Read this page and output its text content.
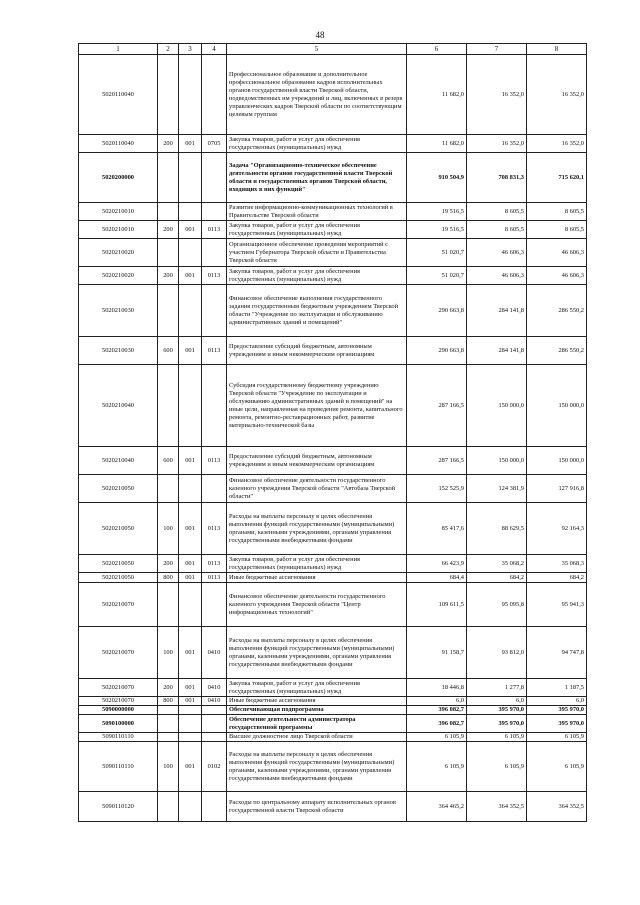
48
1	2	3	4	5	6	7	8
5020110040				Профессиональное образование и дополнительное профессиональное образование кадров исполнительных органов государственной власти Тверской области, подведомственных им учреждений и лиц, включенных в резерв управленческих кадров Тверской области по соответствующим целевым группам	11 682,0	16 352,0	16 352,0
5020110040	200	001	0705	Закупка товаров, работ и услуг для обеспечения государственных (муниципальных) нужд	11 682,0	16 352,0	16 352,0
5020200000				Задача "Организационно-техническое обеспечение деятельности органов государственной власти Тверской области и государственных органов Тверской области, входящих в них функций"	910 504,9	708 831,3	715 620,1
5020210010				Развитие информационно-коммуникационных технологий в Правительстве Тверской области	19 516,5	8 605,5	8 605,5
5020210010	200	001	0113	Закупка товаров, работ и услуг для обеспечения государственных (муниципальных) нужд	19 516,5	8 605,5	8 605,5
5020210020				Организационное обеспечение проведения мероприятий с участием Губернатора Тверской области и Правительства Тверской области	51 020,7	46 606,3	46 606,3
5020210020	200	001	0113	Закупка товаров, работ и услуг для обеспечения государственных (муниципальных) нужд	51 020,7	46 606,3	46 606,3
5020210030				Финансовое обеспечение выполнения государственного задания государственным бюджетным учреждением Тверской области "Учреждение по эксплуатации и обслуживанию административных зданий и помещений"	290 663,8	284 141,8	286 550,2
5020210030	600	001	0113	Предоставление субсидий бюджетным, автономным учреждениям и иным некоммерческим организациям	290 663,8	284 141,8	286 550,2
5020210040				Субсидия государственному бюджетному учреждению Тверской области "Учреждение по эксплуатации и обслуживанию административных зданий и помещений" на иные цели, направленная на проведение ремонта, капитального ремонта, ремонтно-реставрационных работ, развитие материально-технической базы	287 166,5	150 000,0	150 000,0
5020210040	600	001	0113	Предоставление субсидий бюджетным, автономным учреждениям и иным некоммерческим организациям	287 166,5	150 000,0	150 000,0
5020210050				Финансовое обеспечение деятельности государственного казенного учреждения Тверской области "Автобаза Тверской области"	152 525,9	124 381,9	127 916,8
5020210050	100	001	0113	Расходы на выплаты персоналу в целях обеспечения выполнения функций государственными (муниципальными) органами, казенными учреждениями, органами управления государственными внебюджетными фондами	85 417,6	88 629,5	92 164,3
5020210050	200	001	0113	Закупка товаров, работ и услуг для обеспечения государственных (муниципальных) нужд	66 423,9	35 068,2	35 068,3
5020210050	800	001	0113	Иные бюджетные ассигнования	684,4	684,2	684,2
5020210070				Финансовое обеспечение деятельности государственного казенного учреждения Тверской области "Центр информационных технологий"	109 611,5	95 095,8	95 941,3
5020210070	100	001	0410	Расходы на выплаты персоналу в целях обеспечения выполнения функций государственными (муниципальными) органами, казенными учреждениями, органами управления государственными внебюджетными фондами	91 158,7	93 812,0	94 747,8
5020210070	200	001	0410	Закупка товаров, работ и услуг для обеспечения государственных (муниципальных) нужд	18 446,8	1 277,8	1 187,5
5020210070	800	001	0410	Иные бюджетные ассигнования	6,0	6,0	6,0
5090000000				Обеспечивающая подпрограмма	396 082,7	395 970,0	395 970,0
5090100000				Обеспечение деятельности администратора государственной программы	396 082,7	395 970,0	395 970,0
5090110110				Высшее должностное лицо Тверской области	6 105,9	6 105,9	6 105,9
5090110110	100	001	0102	Расходы на выплаты персоналу в целях обеспечения выполнения функций государственными (муниципальными) органами, казенными учреждениями, органами управления государственными внебюджетными фондами	6 105,9	6 105,9	6 105,9
5090110120				Расходы по центральному аппарату исполнительных органов государственной власти Тверской области	364 465,2	364 352,5	364 352,5
